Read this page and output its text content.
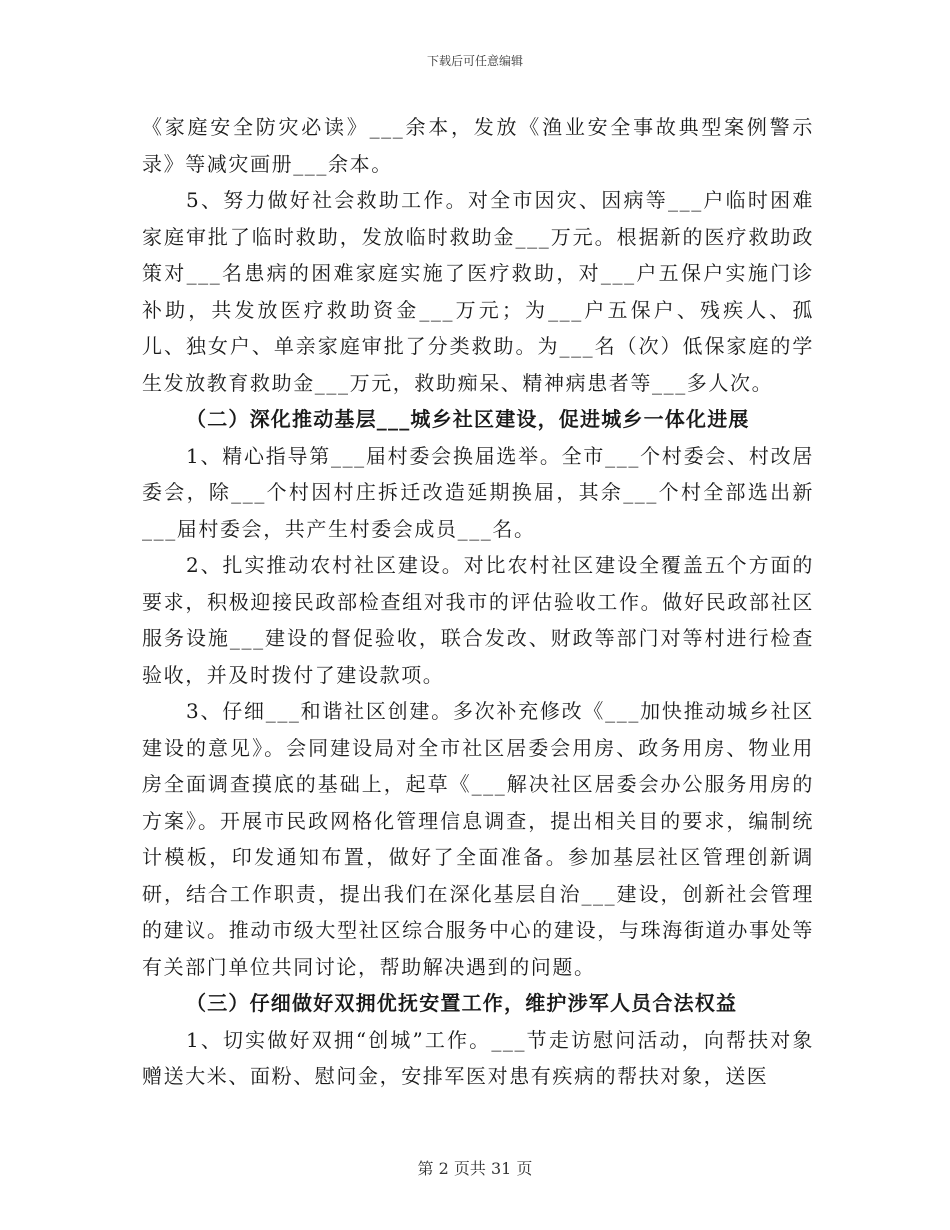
下载后可任意编辑

《家庭安全防灾必读》___余本，发放《渔业安全事故典型案例警示录》等减灾画册___余本。

5、努力做好社会救助工作。对全市因灾、因病等___户临时困难家庭审批了临时救助，发放临时救助金___万元。根据新的医疗救助政策对___名患病的困难家庭实施了医疗救助，对___户五保户实施门诊补助，共发放医疗救助资金___万元；为___户五保户、残疾人、孤儿、独女户、单亲家庭审批了分类救助。为___名（次）低保家庭的学生发放教育救助金___万元，救助痴呆、精神病患者等___多人次。

（二）深化推动基层___城乡社区建设，促进城乡一体化进展

1、精心指导第___届村委会换届选举。全市___个村委会、村改居委会，除___个村因村庄拆迁改造延期换届，其余___个村全部选出新___届村委会，共产生村委会成员___名。

2、扎实推动农村社区建设。对比农村社区建设全覆盖五个方面的要求，积极迎接民政部检查组对我市的评估验收工作。做好民政部社区服务设施___建设的督促验收，联合发改、财政等部门对等村进行检查验收，并及时拨付了建设款项。

3、仔细___和谐社区创建。多次补充修改《___加快推动城乡社区建设的意见》。会同建设局对全市社区居委会用房、政务用房、物业用房全面调查摸底的基础上，起草《___解决社区居委会办公服务用房的方案》。开展市民政网格化管理信息调查，提出相关目的要求，编制统计模板，印发通知布置，做好了全面准备。参加基层社区管理创新调研，结合工作职责，提出我们在深化基层自治___建设，创新社会管理的建议。推动市级大型社区综合服务中心的建设，与珠海街道办事处等有关部门单位共同讨论，帮助解决遇到的问题。

（三）仔细做好双拥优抚安置工作，维护涉军人员合法权益

1、切实做好双拥“创城”工作。___节走访慰问活动，向帮扶对象赠送大米、面粉、慰问金，安排军医对患有疾病的帮扶对象，送医

第 2 页共 31 页
